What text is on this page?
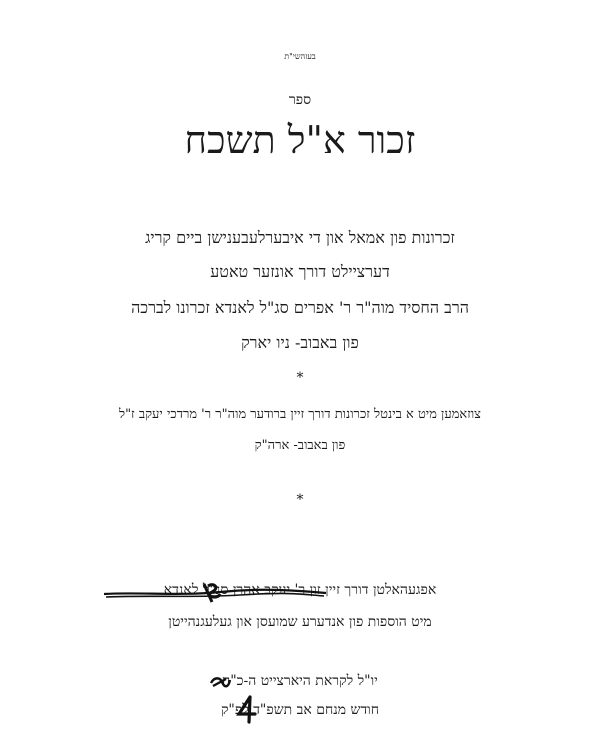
בעזהשי"ת
ספר
זכור א"ל תשכח
זכרונות פון אמאל און די איבערלעבענישן ביים קריג
דערציילט דורך אונזער טאטע
הרב החסיד מוה"ר ר' אפרים סג"ל לאנדא זכרונו לברכה
פון באבוב- ניו יארק
*
צוזאמען מיט א בינטל זכרונות דורך זיין ברודער מוה"ר ר' מרדכי יעקב ז"ל
פון באבוב- ארה"ק
*
אפגעהאלטן דורך זיין זון ר' יעקב אהרן סג"ל לאנדא
מיט הוספות פון אנדערע שמועסן און געלעגנהייטן
יו"ל לקראת היארצייט ה-כ"ה
חודש מנחם אב תשפ"ד לפ"ק
